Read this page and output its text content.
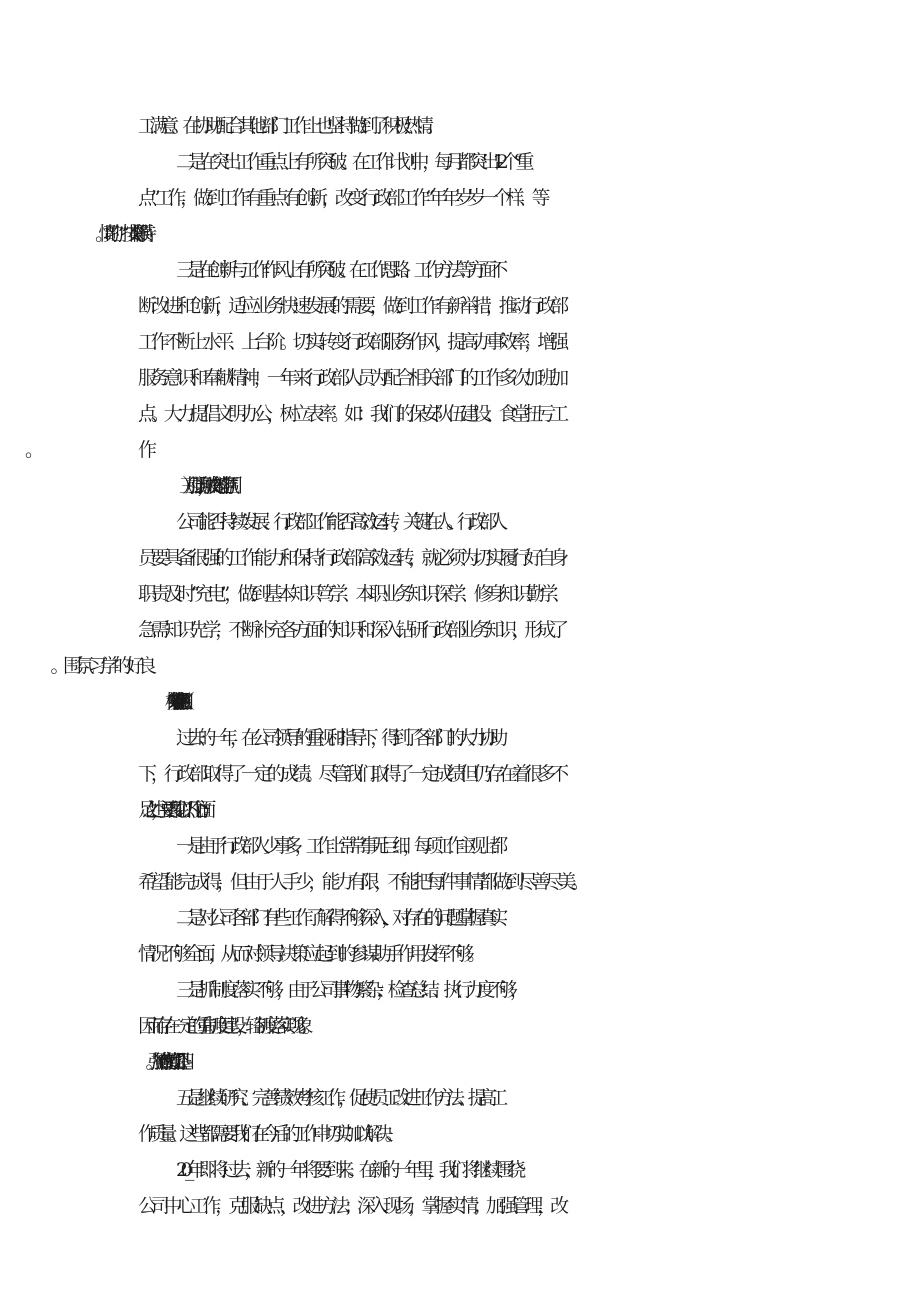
工满意。在协助配合其他部门工作上也坚持做到了积极热情。
二是在突出工作重点上有所突破。在工作计划中，每月都突出1-2个“重
点”工作，做到工作有重点有创新，改变行政部工作“年年岁岁一个样、等
三是在创新与工作作风上有所突破。在工作思路、工作方法等方面不
断改进和创新，适应业务快速发展的需要，做到工作有新举措，推动行政部
工作不断上水平、上台阶。切实转变行政部服务作风，提高办事效率，增强
服务意识和奉献精神，一年来行政部人员为配合相关部门的工作多次加班加
点。大力提倡文明办公，树立表率。如：我们的保安队伍建设、食堂扭亏工
（三）加强学习，形成良好的学习氛围
公司能否持续发展、行政部工作能否高效运转，关键在人。行政部人
员要具备很强的工作能力和保持行政部高效运转，就必须为切实履行好自身
职责及时“充电”，做到基本知识笃学、本职业务知识深学、修身知识勤学、
急需知识先学，不断补充各方面的知识和深入钻研行政部业务知识，形成了
过去的一年，在公司领导的重视和指导下，得到了各部门的大力协助
下，行政部取得了一定的成绩。尽管我们取得了一定成绩但仍存在着很多不
足之处，主要表现在以下几个方面：
一是由于行政部人少事多，工作上常常事无巨细，每项工作主观上都
希望能完成得，但由于人手少，能力有限，不能把每件事情都做到尽善尽美。
二是对公司各部门有些工作了解得不够深入，对存在的问题掌握真实
情况不够全面，从而对领导决策应起到的参谋助手作用发挥不够。
三是抓制度落实不够，由于公司事物繁杂，检查总结、执行力度不够，
因而存在一定的重制度建设，轻制度落实现象。
五是继续研究、完善绩效考核工作，促使员工改进工作方法、提高工
作质量。这些都需要我们在今后的工作中切实加以解决。
20_年即将过去，新的一年将要到来。在新的一年里，我们将继续围绕
公司中心工作，克服缺点，改进方法；深入现场，掌握实情；加强管理，改
